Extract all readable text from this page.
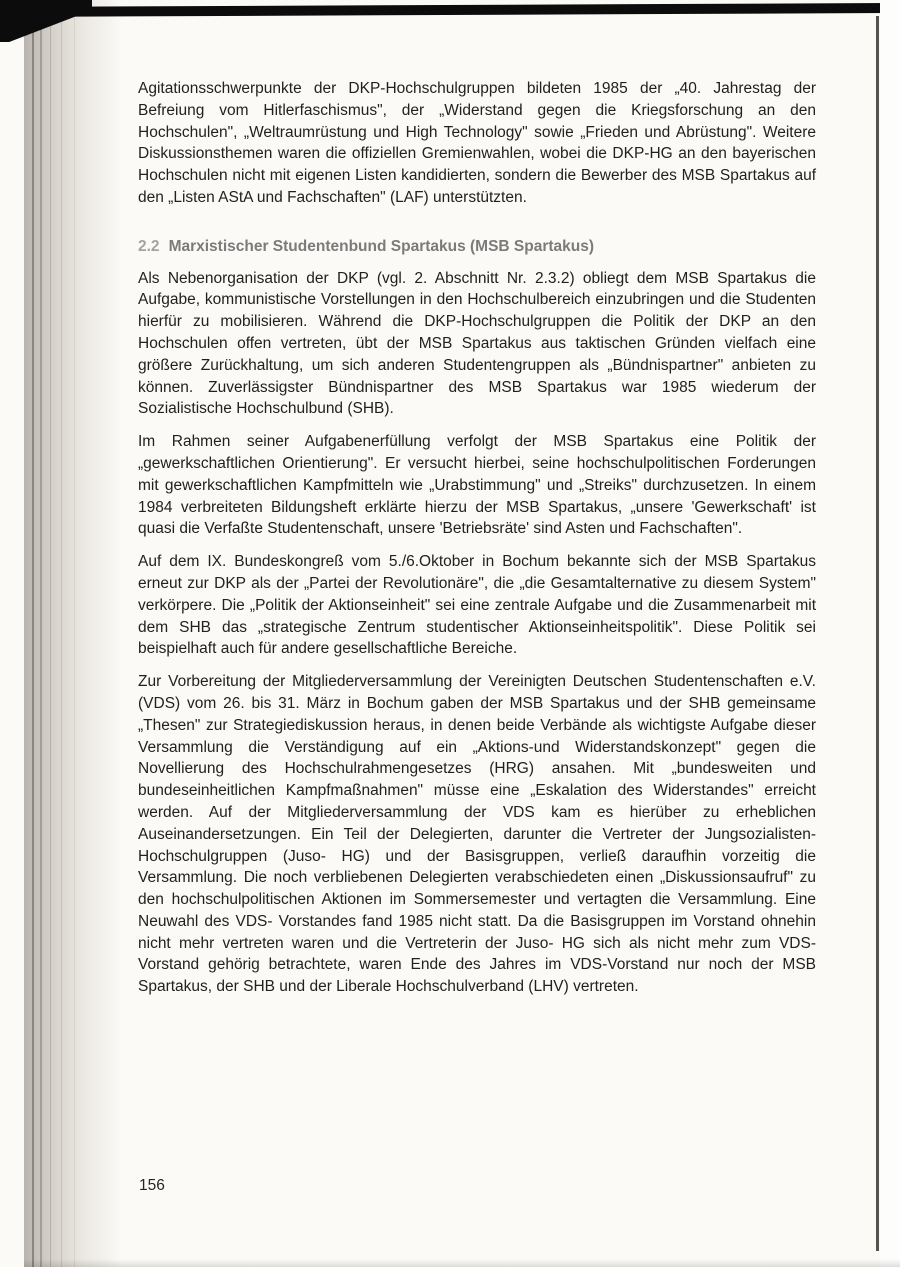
Agitationsschwerpunkte der DKP-Hochschulgruppen bildeten 1985 der „40. Jahrestag der Befreiung vom Hitlerfaschismus", der „Widerstand gegen die Kriegsforschung an den Hochschulen", „Weltraumrüstung und High Technology" sowie „Frieden und Abrüstung". Weitere Diskussionsthemen waren die offiziellen Gremienwahlen, wobei die DKP-HG an den bayerischen Hochschulen nicht mit eigenen Listen kandidierten, sondern die Bewerber des MSB Spartakus auf den „Listen AStA und Fachschaften" (LAF) unterstützten.

2.2 Marxistischer Studentenbund Spartakus (MSB Spartakus)

Als Nebenorganisation der DKP (vgl. 2. Abschnitt Nr. 2.3.2) obliegt dem MSB Spartakus die Aufgabe, kommunistische Vorstellungen in den Hochschulbereich einzubringen und die Studenten hierfür zu mobilisieren. Während die DKP-Hochschulgruppen die Politik der DKP an den Hochschulen offen vertreten, übt der MSB Spartakus aus taktischen Gründen vielfach eine größere Zurückhaltung, um sich anderen Studentengruppen als „Bündnispartner" anbieten zu können. Zuverlässigster Bündnispartner des MSB Spartakus war 1985 wiederum der Sozialistische Hochschulbund (SHB).

Im Rahmen seiner Aufgabenerfüllung verfolgt der MSB Spartakus eine Politik der „gewerkschaftlichen Orientierung". Er versucht hierbei, seine hochschulpolitischen Forderungen mit gewerkschaftlichen Kampfmitteln wie „Urabstimmung" und „Streiks" durchzusetzen. In einem 1984 verbreiteten Bildungsheft erklärte hierzu der MSB Spartakus, „unsere 'Gewerkschaft' ist quasi die Verfaßte Studentenschaft, unsere 'Betriebsräte' sind Asten und Fachschaften".

Auf dem IX. Bundeskongreß vom 5./6.Oktober in Bochum bekannte sich der MSB Spartakus erneut zur DKP als der „Partei der Revolutionäre", die „die Gesamtalternative zu diesem System" verkörpere. Die „Politik der Aktionseinheit" sei eine zentrale Aufgabe und die Zusammenarbeit mit dem SHB das „strategische Zentrum studentischer Aktionseinheitspolitik". Diese Politik sei beispielhaft auch für andere gesellschaftliche Bereiche.

Zur Vorbereitung der Mitgliederversammlung der Vereinigten Deutschen Studentenschaften e.V. (VDS) vom 26. bis 31. März in Bochum gaben der MSB Spartakus und der SHB gemeinsame „Thesen" zur Strategiediskussion heraus, in denen beide Verbände als wichtigste Aufgabe dieser Versammlung die Verständigung auf ein „Aktions-und Widerstandskonzept" gegen die Novellierung des Hochschulrahmengesetzes (HRG) ansahen. Mit „bundesweiten und bundeseinheitlichen Kampfmaßnahmen" müsse eine „Eskalation des Widerstandes" erreicht werden. Auf der Mitgliederversammlung der VDS kam es hierüber zu erheblichen Auseinandersetzungen. Ein Teil der Delegierten, darunter die Vertreter der Jungsozialisten-Hochschulgruppen (Juso- HG) und der Basisgruppen, verließ daraufhin vorzeitig die Versammlung. Die noch verbliebenen Delegierten verabschiedeten einen „Diskussionsaufruf" zu den hochschulpolitischen Aktionen im Sommersemester und vertagten die Versammlung. Eine Neuwahl des VDS- Vorstandes fand 1985 nicht statt. Da die Basisgruppen im Vorstand ohnehin nicht mehr vertreten waren und die Vertreterin der Juso- HG sich als nicht mehr zum VDS-Vorstand gehörig betrachtete, waren Ende des Jahres im VDS-Vorstand nur noch der MSB Spartakus, der SHB und der Liberale Hochschulverband (LHV) vertreten.

156
